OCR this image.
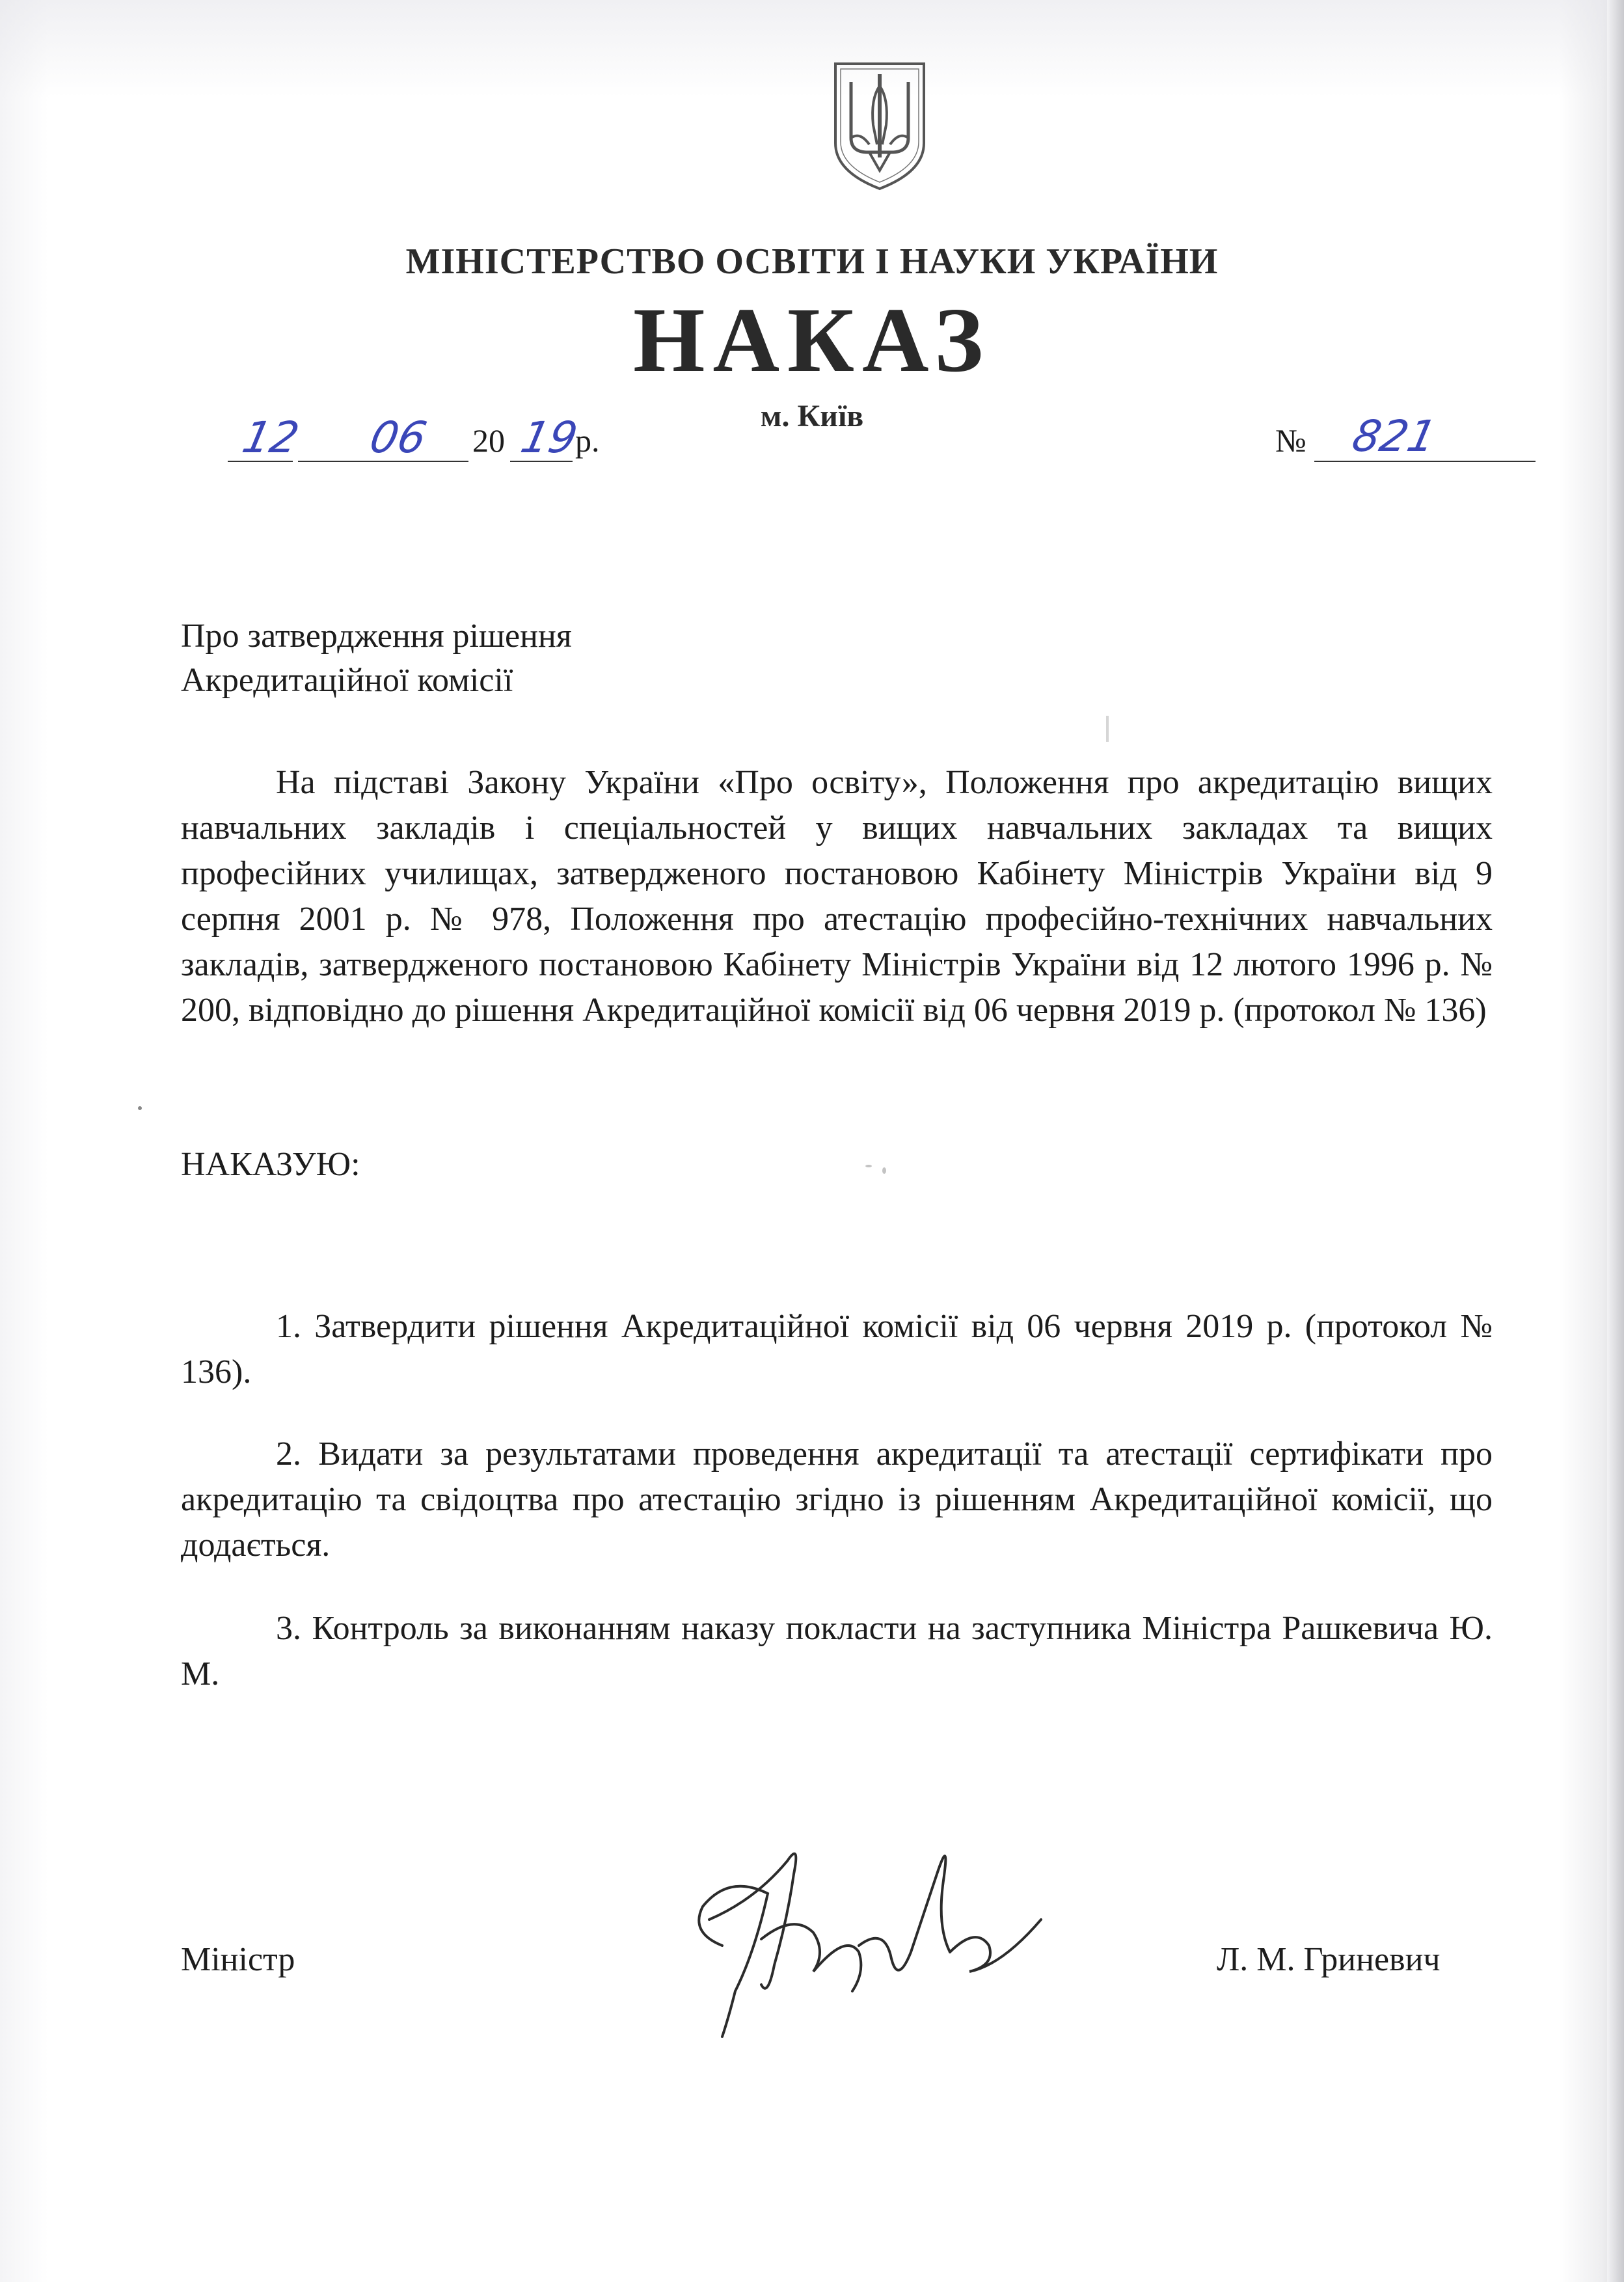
МІНІСТЕРСТВО ОСВІТИ І НАУКИ УКРАЇНИ
НАКАЗ
м. Київ
12 06 20 19
р.	№ 821
Про затвердження рішення
Акредитаційної комісії
На підставі Закону України «Про освіту», Положення про акредитацію вищих навчальних закладів і спеціальностей у вищих навчальних закладах та вищих професійних училищах, затвердженого постановою Кабінету Міністрів України від 9 серпня 2001 р. № 978, Положення про атестацію професійно-технічних навчальних закладів, затвердженого постановою Кабінету Міністрів України від 12 лютого 1996 р. № 200, відповідно до рішення Акредитаційної комісії від 06 червня 2019 р. (протокол № 136)
НАКАЗУЮ:
1. Затвердити рішення Акредитаційної комісії від 06 червня 2019 р. (протокол № 136).
2. Видати за результатами проведення акредитації та атестації сертифікати про акредитацію та свідоцтва про атестацію згідно із рішенням Акредитаційної комісії, що додається.
3. Контроль за виконанням наказу покласти на заступника Міністра Рашкевича Ю. М.
Міністр	Л. М. Гриневич
